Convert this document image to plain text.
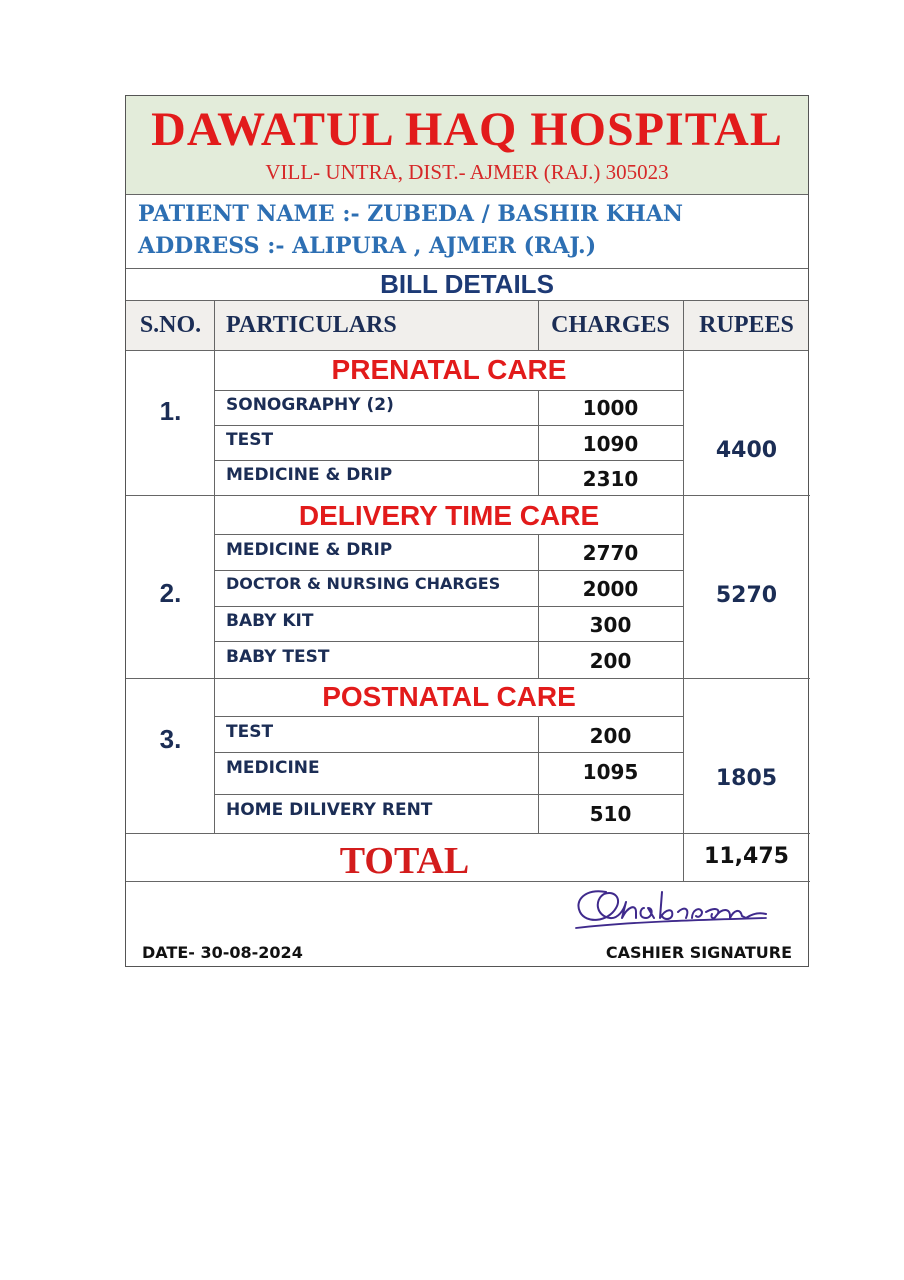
DAWATUL HAQ HOSPITAL
VILL- UNTRA, DIST.- AJMER (RAJ.) 305023
PATIENT NAME :- ZUBEDA / BASHIR KHAN
ADDRESS :- ALIPURA , AJMER (RAJ.)
BILL DETAILS
S.NO.	PARTICULARS	CHARGES	RUPEES
1.
PRENATAL CARE
SONOGRAPHY (2)	1000
TEST	1090
MEDICINE & DRIP	2310
4400
2.
DELIVERY TIME CARE
MEDICINE & DRIP	2770
DOCTOR & NURSING CHARGES	2000
BABY KIT	300
BABY TEST	200
5270
3.
POSTNATAL CARE
TEST	200
MEDICINE	1095
HOME DILIVERY RENT	510
1805
TOTAL	11,475
DATE- 30-08-2024	CASHIER SIGNATURE
